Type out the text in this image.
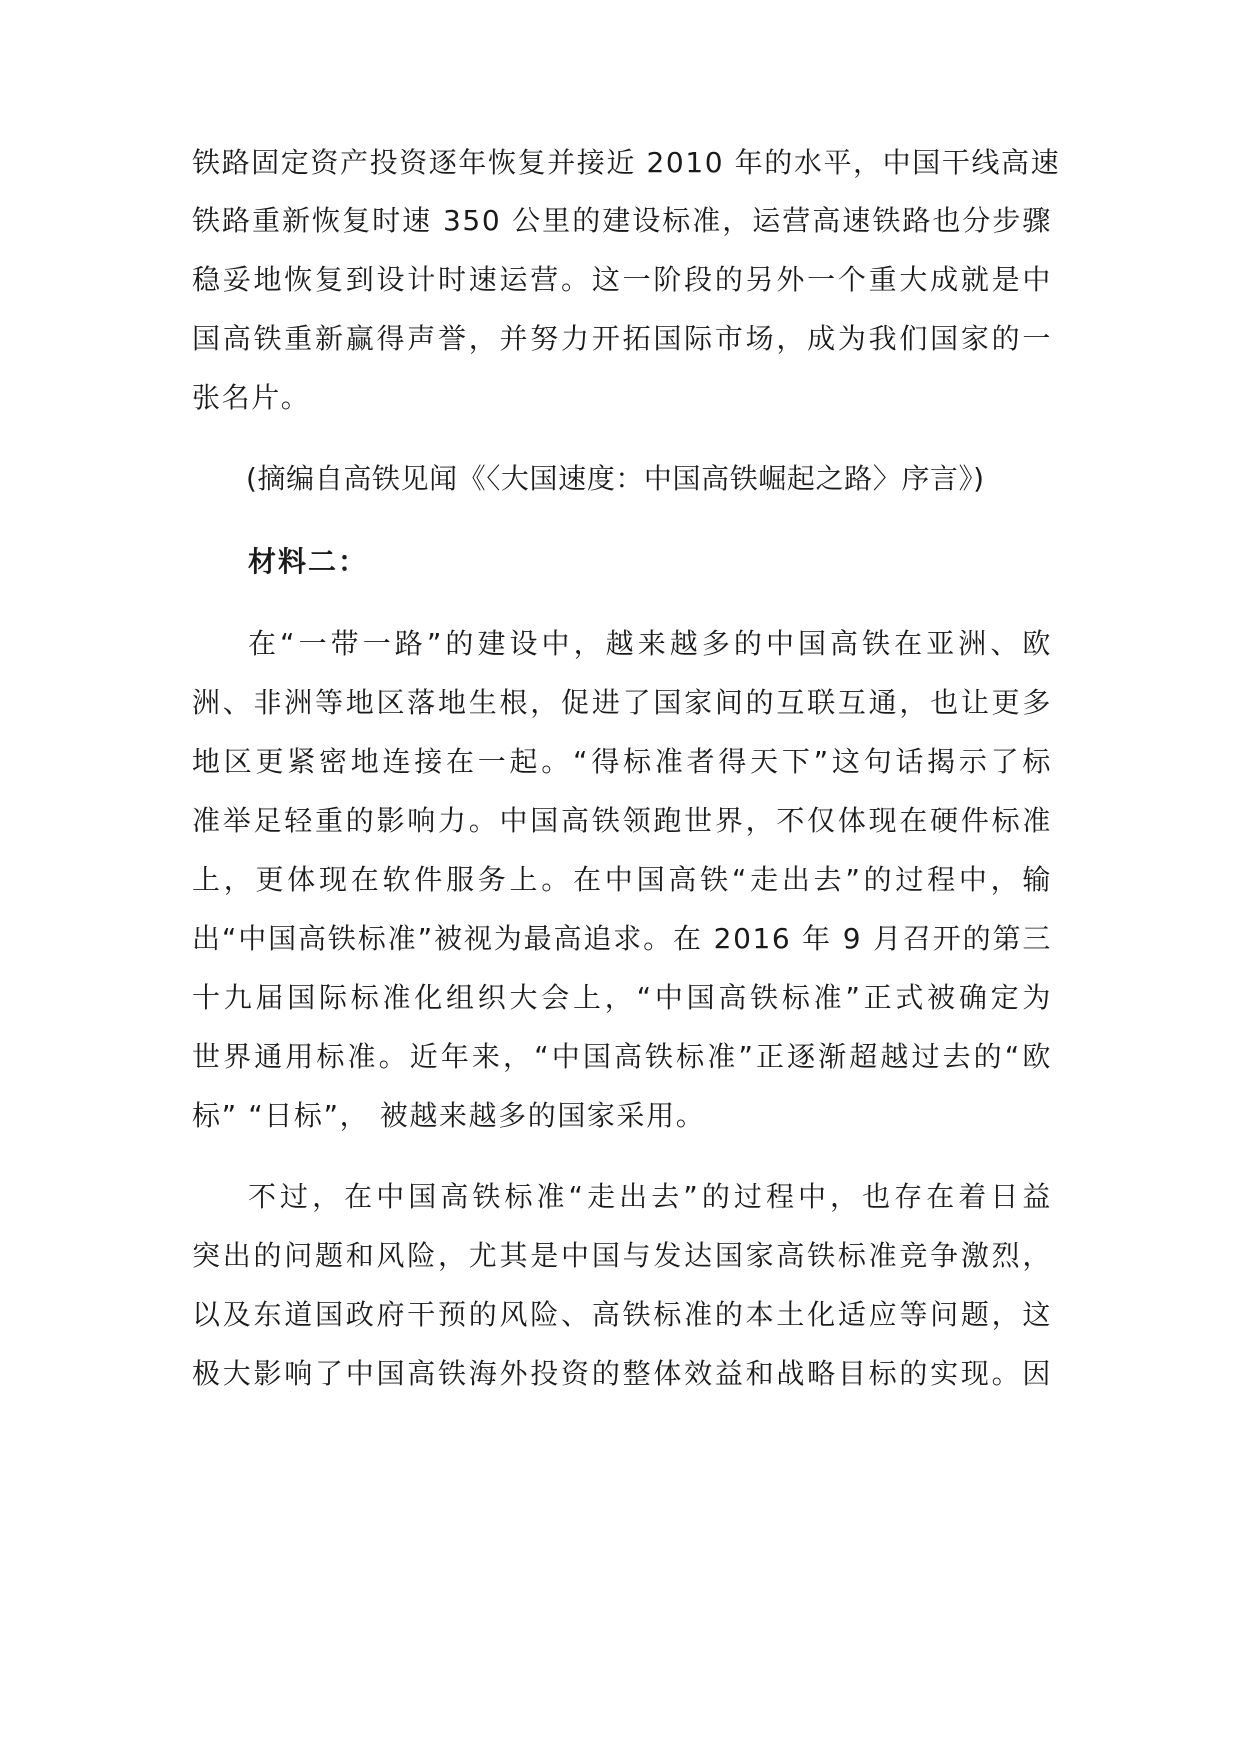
铁路固定资产投资逐年恢复并接近 2010 年的水平，中国干线高速
铁路重新恢复时速 350 公里的建设标准，运营高速铁路也分步骤
稳妥地恢复到设计时速运营。这一阶段的另外一个重大成就是中
国高铁重新赢得声誉，并努力开拓国际市场，成为我们国家的一
张名片。
(摘编自高铁见闻《〈大国速度：中国高铁崛起之路〉序言》)
材料二：
在“一带一路”的建设中，越来越多的中国高铁在亚洲、欧
洲、非洲等地区落地生根，促进了国家间的互联互通，也让更多
地区更紧密地连接在一起。“得标准者得天下”这句话揭示了标
准举足轻重的影响力。中国高铁领跑世界，不仅体现在硬件标准
上，更体现在软件服务上。在中国高铁“走出去”的过程中，输
出“中国高铁标准”被视为最高追求。在 2016 年 9 月召开的第三
十九届国际标准化组织大会上，“中国高铁标准”正式被确定为
世界通用标准。近年来，“中国高铁标准”正逐渐超越过去的“欧
标” “日标”， 被越来越多的国家采用。
不过，在中国高铁标准“走出去”的过程中，也存在着日益
突出的问题和风险，尤其是中国与发达国家高铁标准竞争激烈，
以及东道国政府干预的风险、高铁标准的本土化适应等问题，这
极大影响了中国高铁海外投资的整体效益和战略目标的实现。因
